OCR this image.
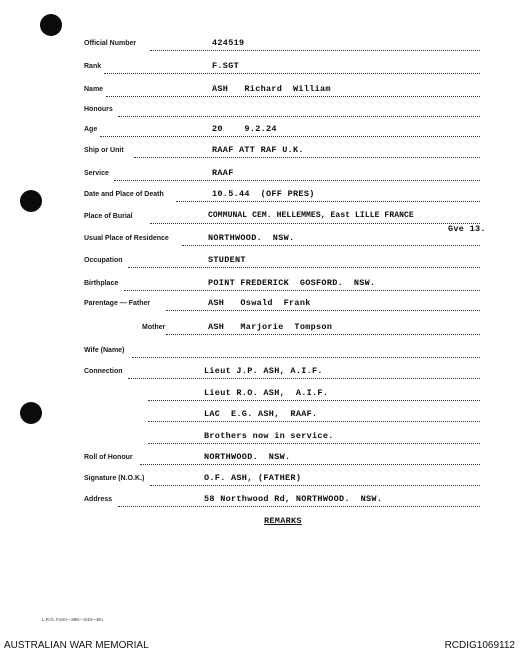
Official Number	424519
Rank	F.SGT
Name	ASH   Richard  William
Honours
Age	20    9.2.24
Ship or Unit	RAAF ATT RAF U.K.
Service	RAAF
Date and Place of Death	10.5.44  (OFF PRES)
Place of Burial	COMMUNAL CEM. HELLEMMES, East LILLE FRANCE
Gve 13.
Usual Place of Residence	NORTHWOOD.  NSW.
Occupation	STUDENT
Birthplace	POINT FREDERICK  GOSFORD.  NSW.
Parentage — Father	ASH   Oswald  Frank
Mother	ASH   Marjorie  Tompson
Wife (Name)
Connection	Lieut J.P. ASH, A.I.F.
Lieut R.O. ASH,  A.I.F.
LAC  E.G. ASH,  RAAF.
Brothers now in service.
Roll of Honour	NORTHWOOD.  NSW.
Signature (N.O.K.)	O.F. ASH, (FATHER)
Address	58 Northwood Rd, NORTHWOOD.  NSW.
REMARKS
L.R.G. Form—355—4/43—8m.
AUSTRALIAN WAR MEMORIAL	RCDIG1069112
